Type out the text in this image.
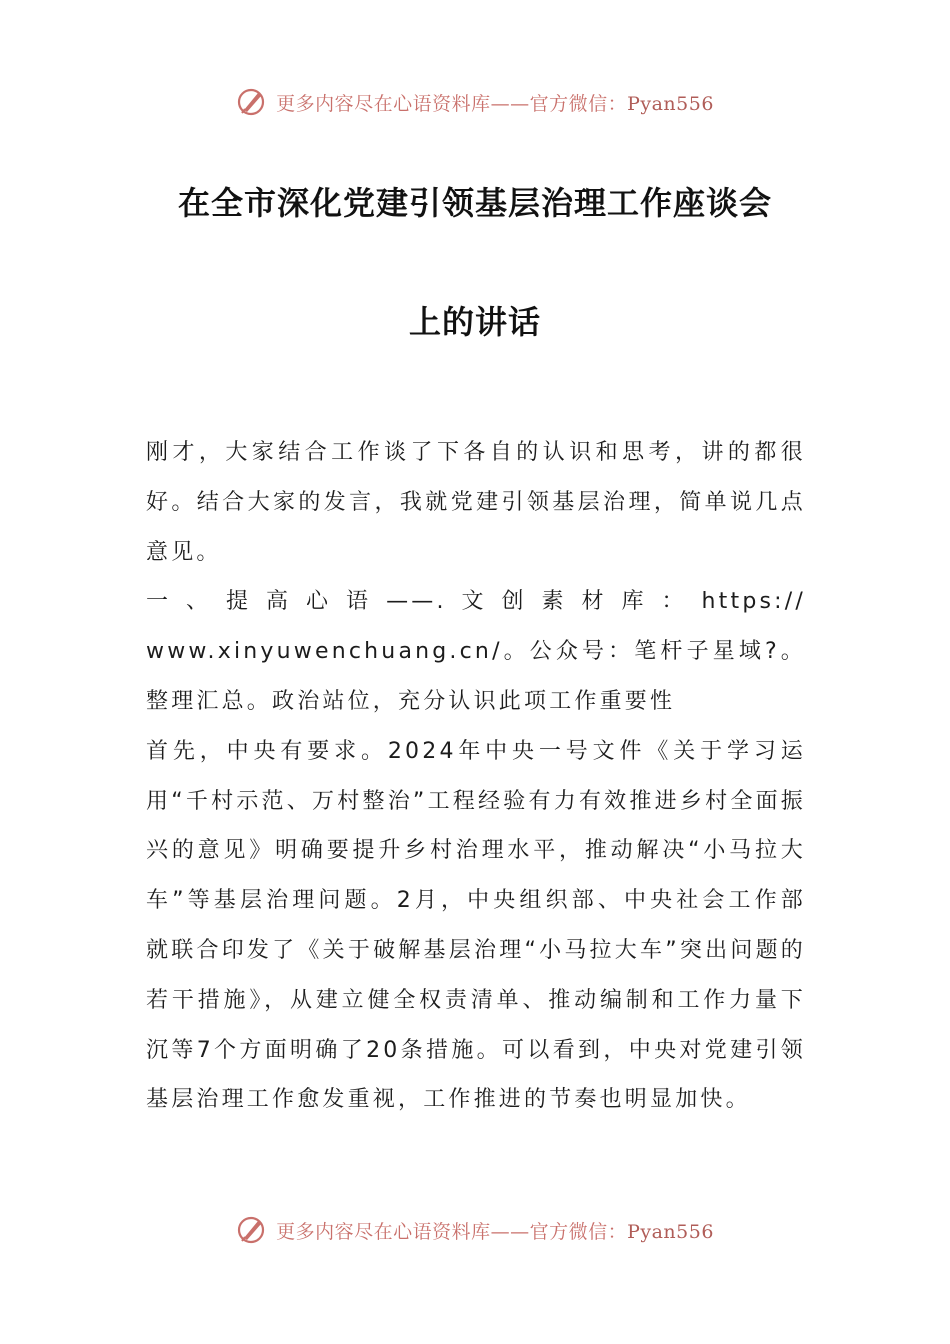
更多内容尽在心语资料库——官方微信：Pyan556
在全市深化党建引领基层治理工作座谈会
上的讲话

刚才，大家结合工作谈了下各自的认识和思考，讲的都很好。结合大家的发言，我就党建引领基层治理，简单说几点意见。

一、提高心语——.文创素材库：https://

www.xinyuwenchuang.cn/。公众号：笔杆子星域?。整理汇总。政治站位，充分认识此项工作重要性

首先，中央有要求。2024年中央一号文件《关于学习运用“千村示范、万村整治”工程经验有力有效推进乡村全面振兴的意见》明确要提升乡村治理水平，推动解决“小马拉大车”等基层治理问题。2月，中央组织部、中央社会工作部就联合印发了《关于破解基层治理“小马拉大车”突出问题的若干措施》，从建立健全权责清单、推动编制和工作力量下沉等7个方面明确了20条措施。可以看到，中央对党建引领基层治理工作愈发重视，工作推进的节奏也明显加快。

更多内容尽在心语资料库——官方微信：Pyan556
